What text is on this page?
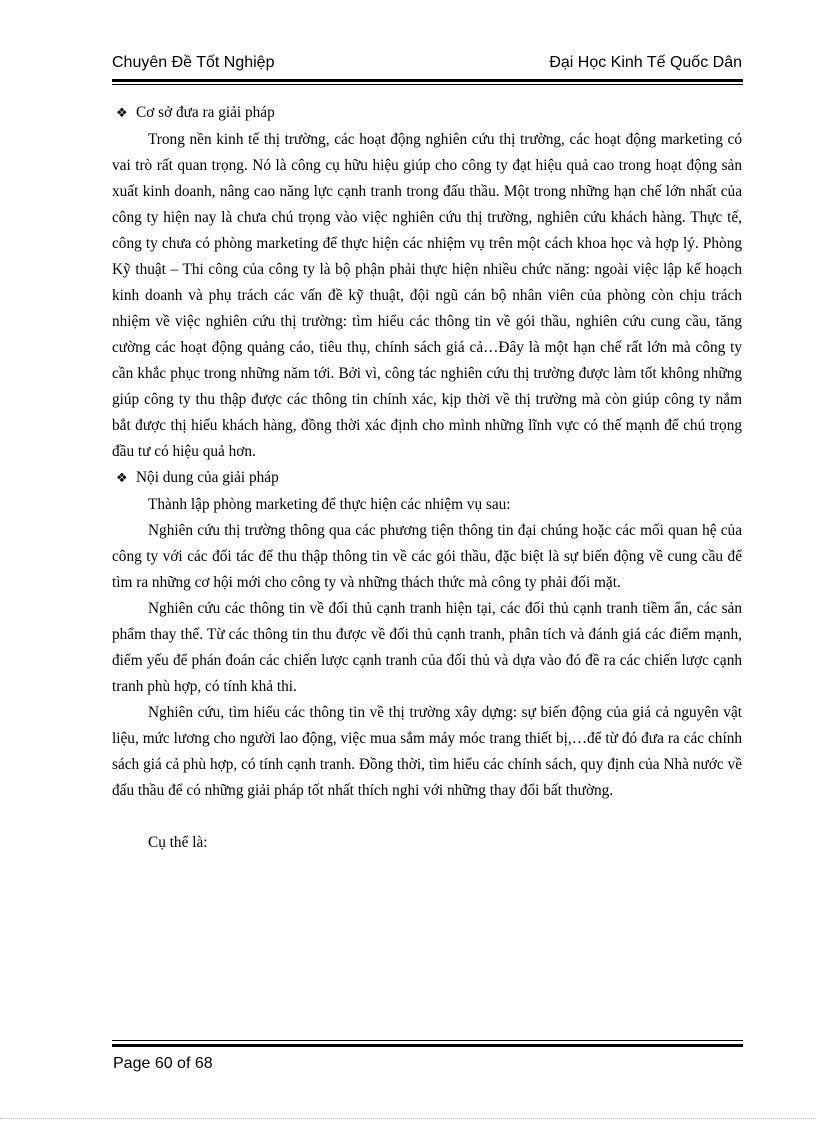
Chuyên Đề Tốt Nghiệp	Đại Học Kinh Tế Quốc Dân

❖ Cơ sở đưa ra giải pháp

Trong nền kinh tế thị trường, các hoạt động nghiên cứu thị trường, các hoạt động marketing có vai trò rất quan trọng. Nó là công cụ hữu hiệu giúp cho công ty đạt hiệu quả cao trong hoạt động sản xuất kinh doanh, nâng cao năng lực cạnh tranh trong đấu thầu. Một trong những hạn chế lớn nhất của công ty hiện nay là chưa chú trọng vào việc nghiên cứu thị trường, nghiên cứu khách hàng. Thực tế, công ty chưa có phòng marketing để thực hiện các nhiệm vụ trên một cách khoa học và hợp lý. Phòng Kỹ thuật – Thi công của công ty là bộ phận phải thực hiện nhiều chức năng: ngoài việc lập kế hoạch kinh doanh và phụ trách các vấn đề kỹ thuật, đội ngũ cán bộ nhân viên của phòng còn chịu trách nhiệm về việc nghiên cứu thị trường: tìm hiểu các thông tin về gói thầu, nghiên cứu cung cầu, tăng cường các hoạt động quảng cáo, tiêu thụ, chính sách giá cả…Đây là một hạn chế rất lớn mà công ty cần khắc phục trong những năm tới. Bởi vì, công tác nghiên cứu thị trường được làm tốt không những giúp công ty thu thập được các thông tin chính xác, kịp thời về thị trường mà còn giúp công ty nắm bắt được thị hiếu khách hàng, đồng thời xác định cho mình những lĩnh vực có thế mạnh để chú trọng đầu tư có hiệu quả hơn.

❖ Nội dung của giải pháp

Thành lập phòng marketing để thực hiện các nhiệm vụ sau:

Nghiên cứu thị trường thông qua các phương tiện thông tin đại chúng hoặc các mối quan hệ của công ty với các đối tác để thu thập thông tin về các gói thầu, đặc biệt là sự biến động về cung cầu để tìm ra những cơ hội mới cho công ty và những thách thức mà công ty phải đối mặt.

Nghiên cứu các thông tin về đối thủ cạnh tranh hiện tại, các đối thủ cạnh tranh tiềm ẩn, các sản phẩm thay thế. Từ các thông tin thu được về đối thủ cạnh tranh, phân tích và đánh giá các điểm mạnh, điểm yếu để phán đoán các chiến lược cạnh tranh của đối thủ và dựa vào đó đề ra các chiến lược cạnh tranh phù hợp, có tính khả thi.

Nghiên cứu, tìm hiểu các thông tin về thị trường xây dựng: sự biến động của giá cả nguyên vật liệu, mức lương cho người lao động, việc mua sắm máy móc trang thiết bị,…để từ đó đưa ra các chính sách giá cả phù hợp, có tính cạnh tranh. Đồng thời, tìm hiểu các chính sách, quy định của Nhà nước về đấu thầu để có những giải pháp tốt nhất thích nghi với những thay đổi bất thường.

Cụ thể là:

Page 60 of 68
